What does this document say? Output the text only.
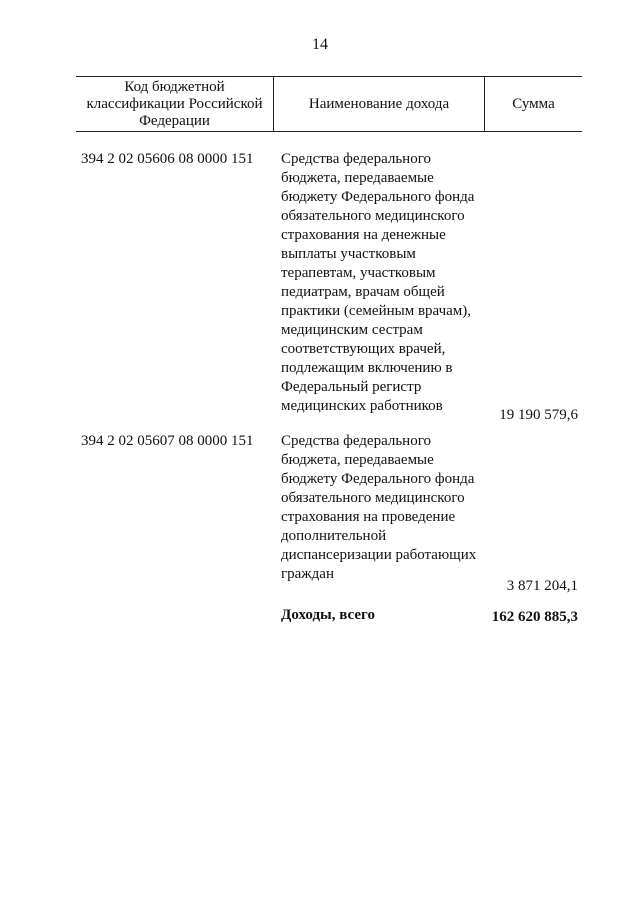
14
Код бюджетной классификации Российской Федерации
Наименование дохода	Сумма
394 2 02 05606 08 0000 151 Средства федерального бюджета, передаваемые бюджету Федерального фонда обязательного медицинского страхования на денежные выплаты участковым терапевтам, участковым педиатрам, врачам общей практики (семейным врачам), медицинским сестрам соответствующих врачей, подлежащим включению в Федеральный регистр медицинских работников
19 190 579,6
394 2 02 05607 08 0000 151 Средства федерального бюджета, передаваемые бюджету Федерального фонда обязательного медицинского страхования на проведение дополнительной диспансеризации работающих граждан
3 871 204,1
Доходы, всего	162 620 885,3
